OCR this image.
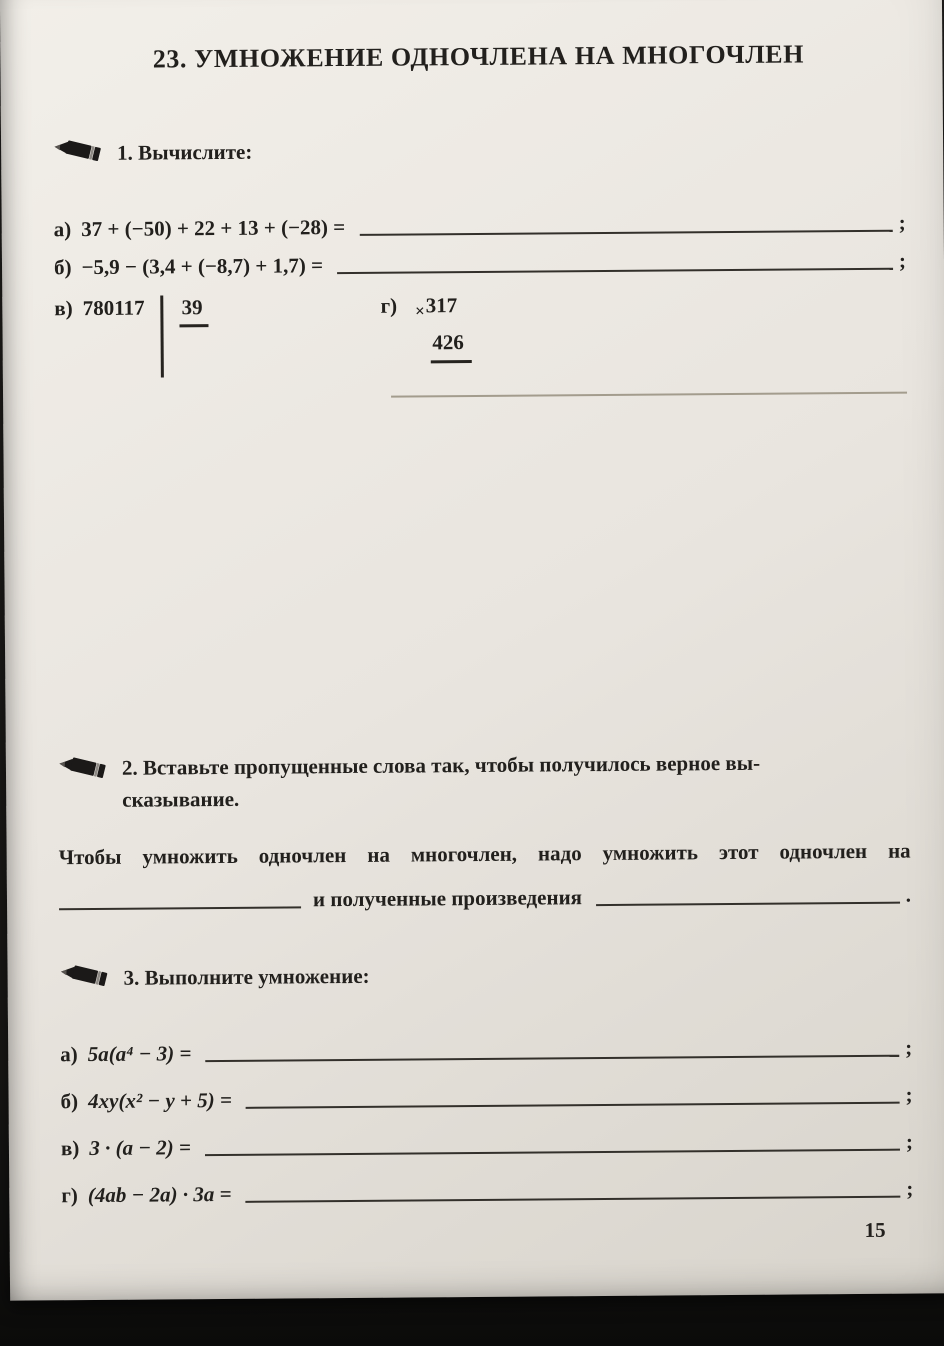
23. УМНОЖЕНИЕ ОДНОЧЛЕНА НА МНОГОЧЛЕН
1. Вычислите:
а) 37 + (−50) + 22 + 13 + (−28) =	;
б) −5,9 − (3,4 + (−8,7) + 1,7) =	;
в) 780117	39	г) ×317
426
2. Вставьте пропущенные слова так, чтобы получилось верное вы-
сказывание.
Чтобы умножить одночлен на многочлен, надо умножить этот одночлен на
и полученные произведения	.
3. Выполните умножение:
а) 5a(a⁴ − 3) =	;
б) 4xy(x² − y + 5) =	;
в) 3 · (a − 2) =	;
г) (4ab − 2a) · 3a =	;
15
